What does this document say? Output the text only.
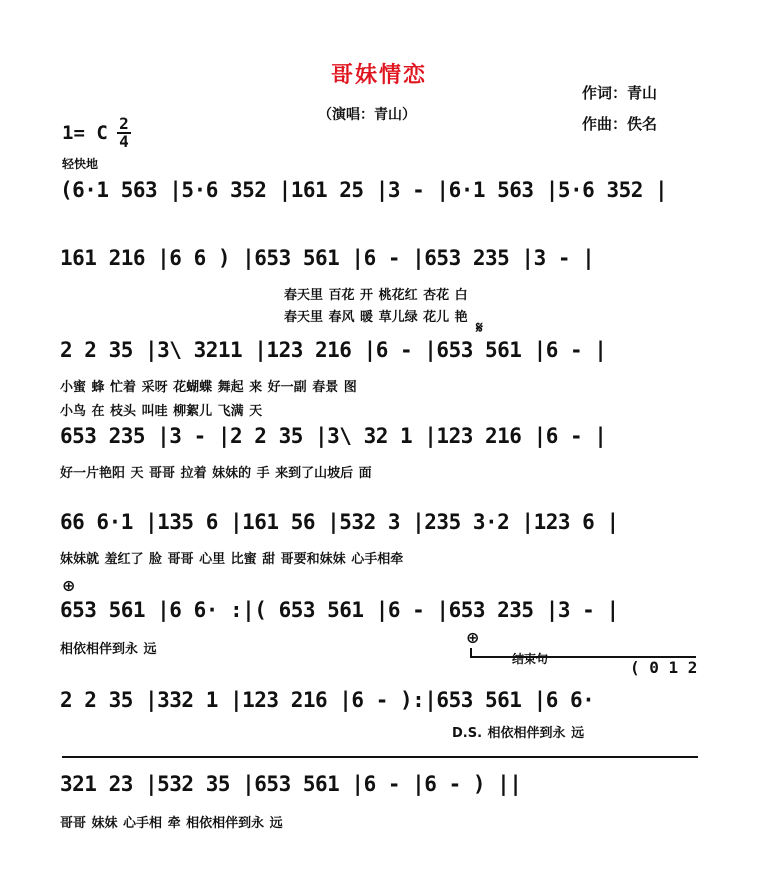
哥妹情恋
（演唱：青山）
作词：青山
作曲：佚名
1= C 2
4
轻快地
(6·1 563 |5·6 352 |161 25 |3 - |6·1 563 |5·6 352 |
161 216 |6 6 ) |653 561 |6 - |653 235 |3 - |
春天里 百花 开 桃花红 杏花 白
春天里 春风 暖 草儿绿 花儿 艳
𝄋
2 2 35 |3\ 3211 |123 216 |6 - |653 561 |6 - |
小蜜 蜂 忙着 采呀 花蝴蝶 舞起 来 好一副 春景 图
小鸟 在 枝头 叫哇 柳絮儿 飞满 天
653 235 |3 - |2 2 35 |3\ 32 1 |123 216 |6 - |
好一片艳阳 天 哥哥 拉着 妹妹的 手 来到了山坡后 面
66 6·1 |135 6 |161 56 |532 3 |235 3·2 |123 6 |
妹妹就 羞红了 脸 哥哥 心里 比蜜 甜 哥要和妹妹 心手相牵
⊕
653 561 |6 6· :|( 653 561 |6 - |653 235 |3 - |
相依相伴到永 远
⊕
结束句	( 0 1 2
2 2 35 |332 1 |123 216 |6 - ):|653 561 |6 6·
D.S. 相依相伴到永 远
321 23 |532 35 |653 561 |6 - |6 - ) ||
哥哥 妹妹 心手相 牵 相依相伴到永 远
